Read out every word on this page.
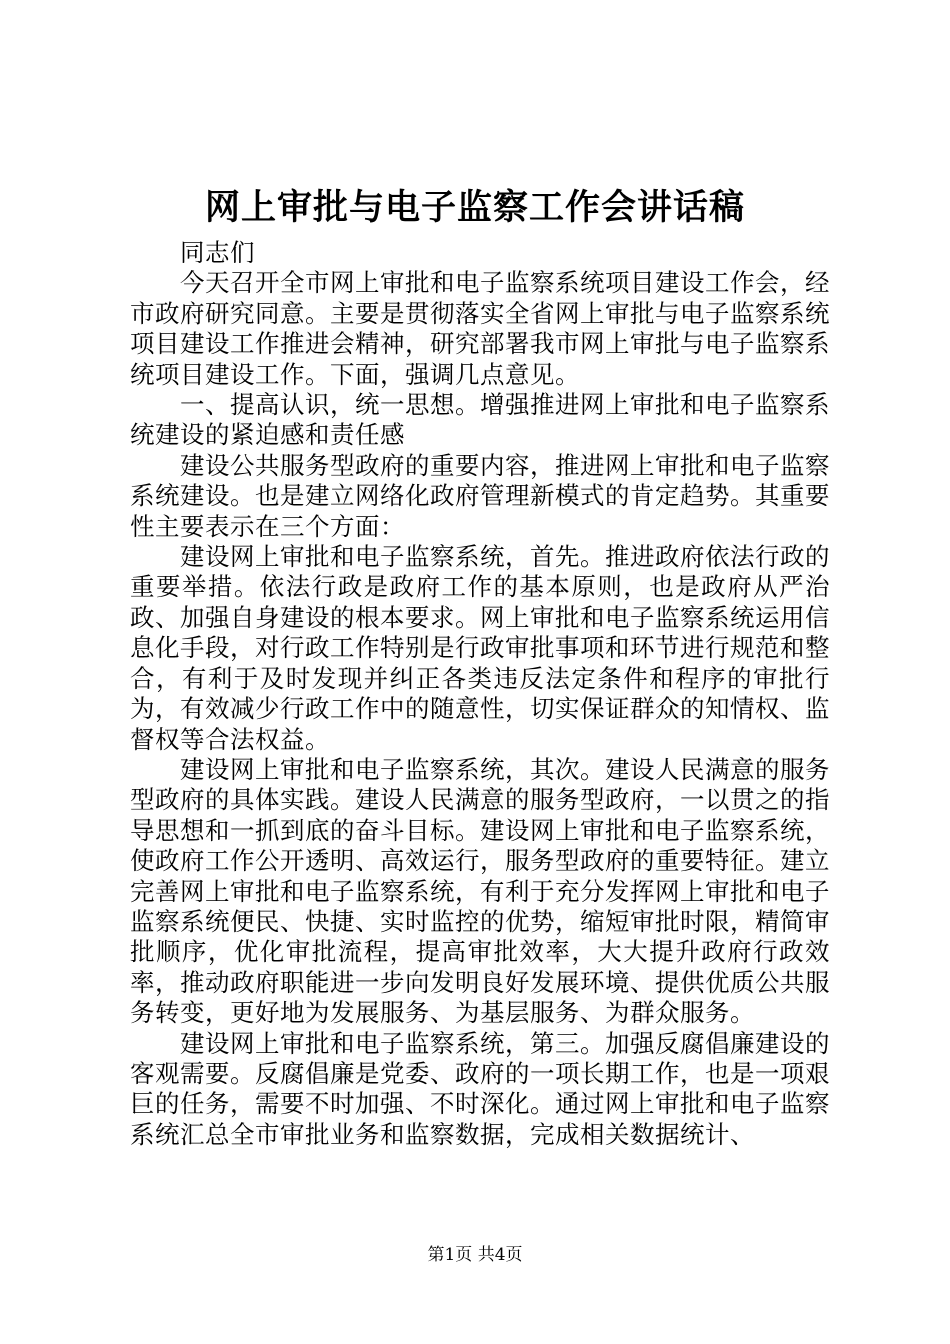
网上审批与电子监察工作会讲话稿

同志们

今天召开全市网上审批和电子监察系统项目建设工作会，经市政府研究同意。主要是贯彻落实全省网上审批与电子监察系统项目建设工作推进会精神，研究部署我市网上审批与电子监察系统项目建设工作。下面，强调几点意见。

一、提高认识，统一思想。增强推进网上审批和电子监察系统建设的紧迫感和责任感

建设公共服务型政府的重要内容，推进网上审批和电子监察系统建设。也是建立网络化政府管理新模式的肯定趋势。其重要性主要表示在三个方面：

建设网上审批和电子监察系统，首先。推进政府依法行政的重要举措。依法行政是政府工作的基本原则，也是政府从严治政、加强自身建设的根本要求。网上审批和电子监察系统运用信息化手段，对行政工作特别是行政审批事项和环节进行规范和整合，有利于及时发现并纠正各类违反法定条件和程序的审批行为，有效减少行政工作中的随意性，切实保证群众的知情权、监督权等合法权益。

建设网上审批和电子监察系统，其次。建设人民满意的服务型政府的具体实践。建设人民满意的服务型政府，一以贯之的指导思想和一抓到底的奋斗目标。建设网上审批和电子监察系统，使政府工作公开透明、高效运行，服务型政府的重要特征。建立完善网上审批和电子监察系统，有利于充分发挥网上审批和电子监察系统便民、快捷、实时监控的优势，缩短审批时限，精简审批顺序，优化审批流程，提高审批效率，大大提升政府行政效率，推动政府职能进一步向发明良好发展环境、提供优质公共服务转变，更好地为发展服务、为基层服务、为群众服务。

建设网上审批和电子监察系统，第三。加强反腐倡廉建设的客观需要。反腐倡廉是党委、政府的一项长期工作，也是一项艰巨的任务，需要不时加强、不时深化。通过网上审批和电子监察系统汇总全市审批业务和监察数据，完成相关数据统计、

第1页 共4页
